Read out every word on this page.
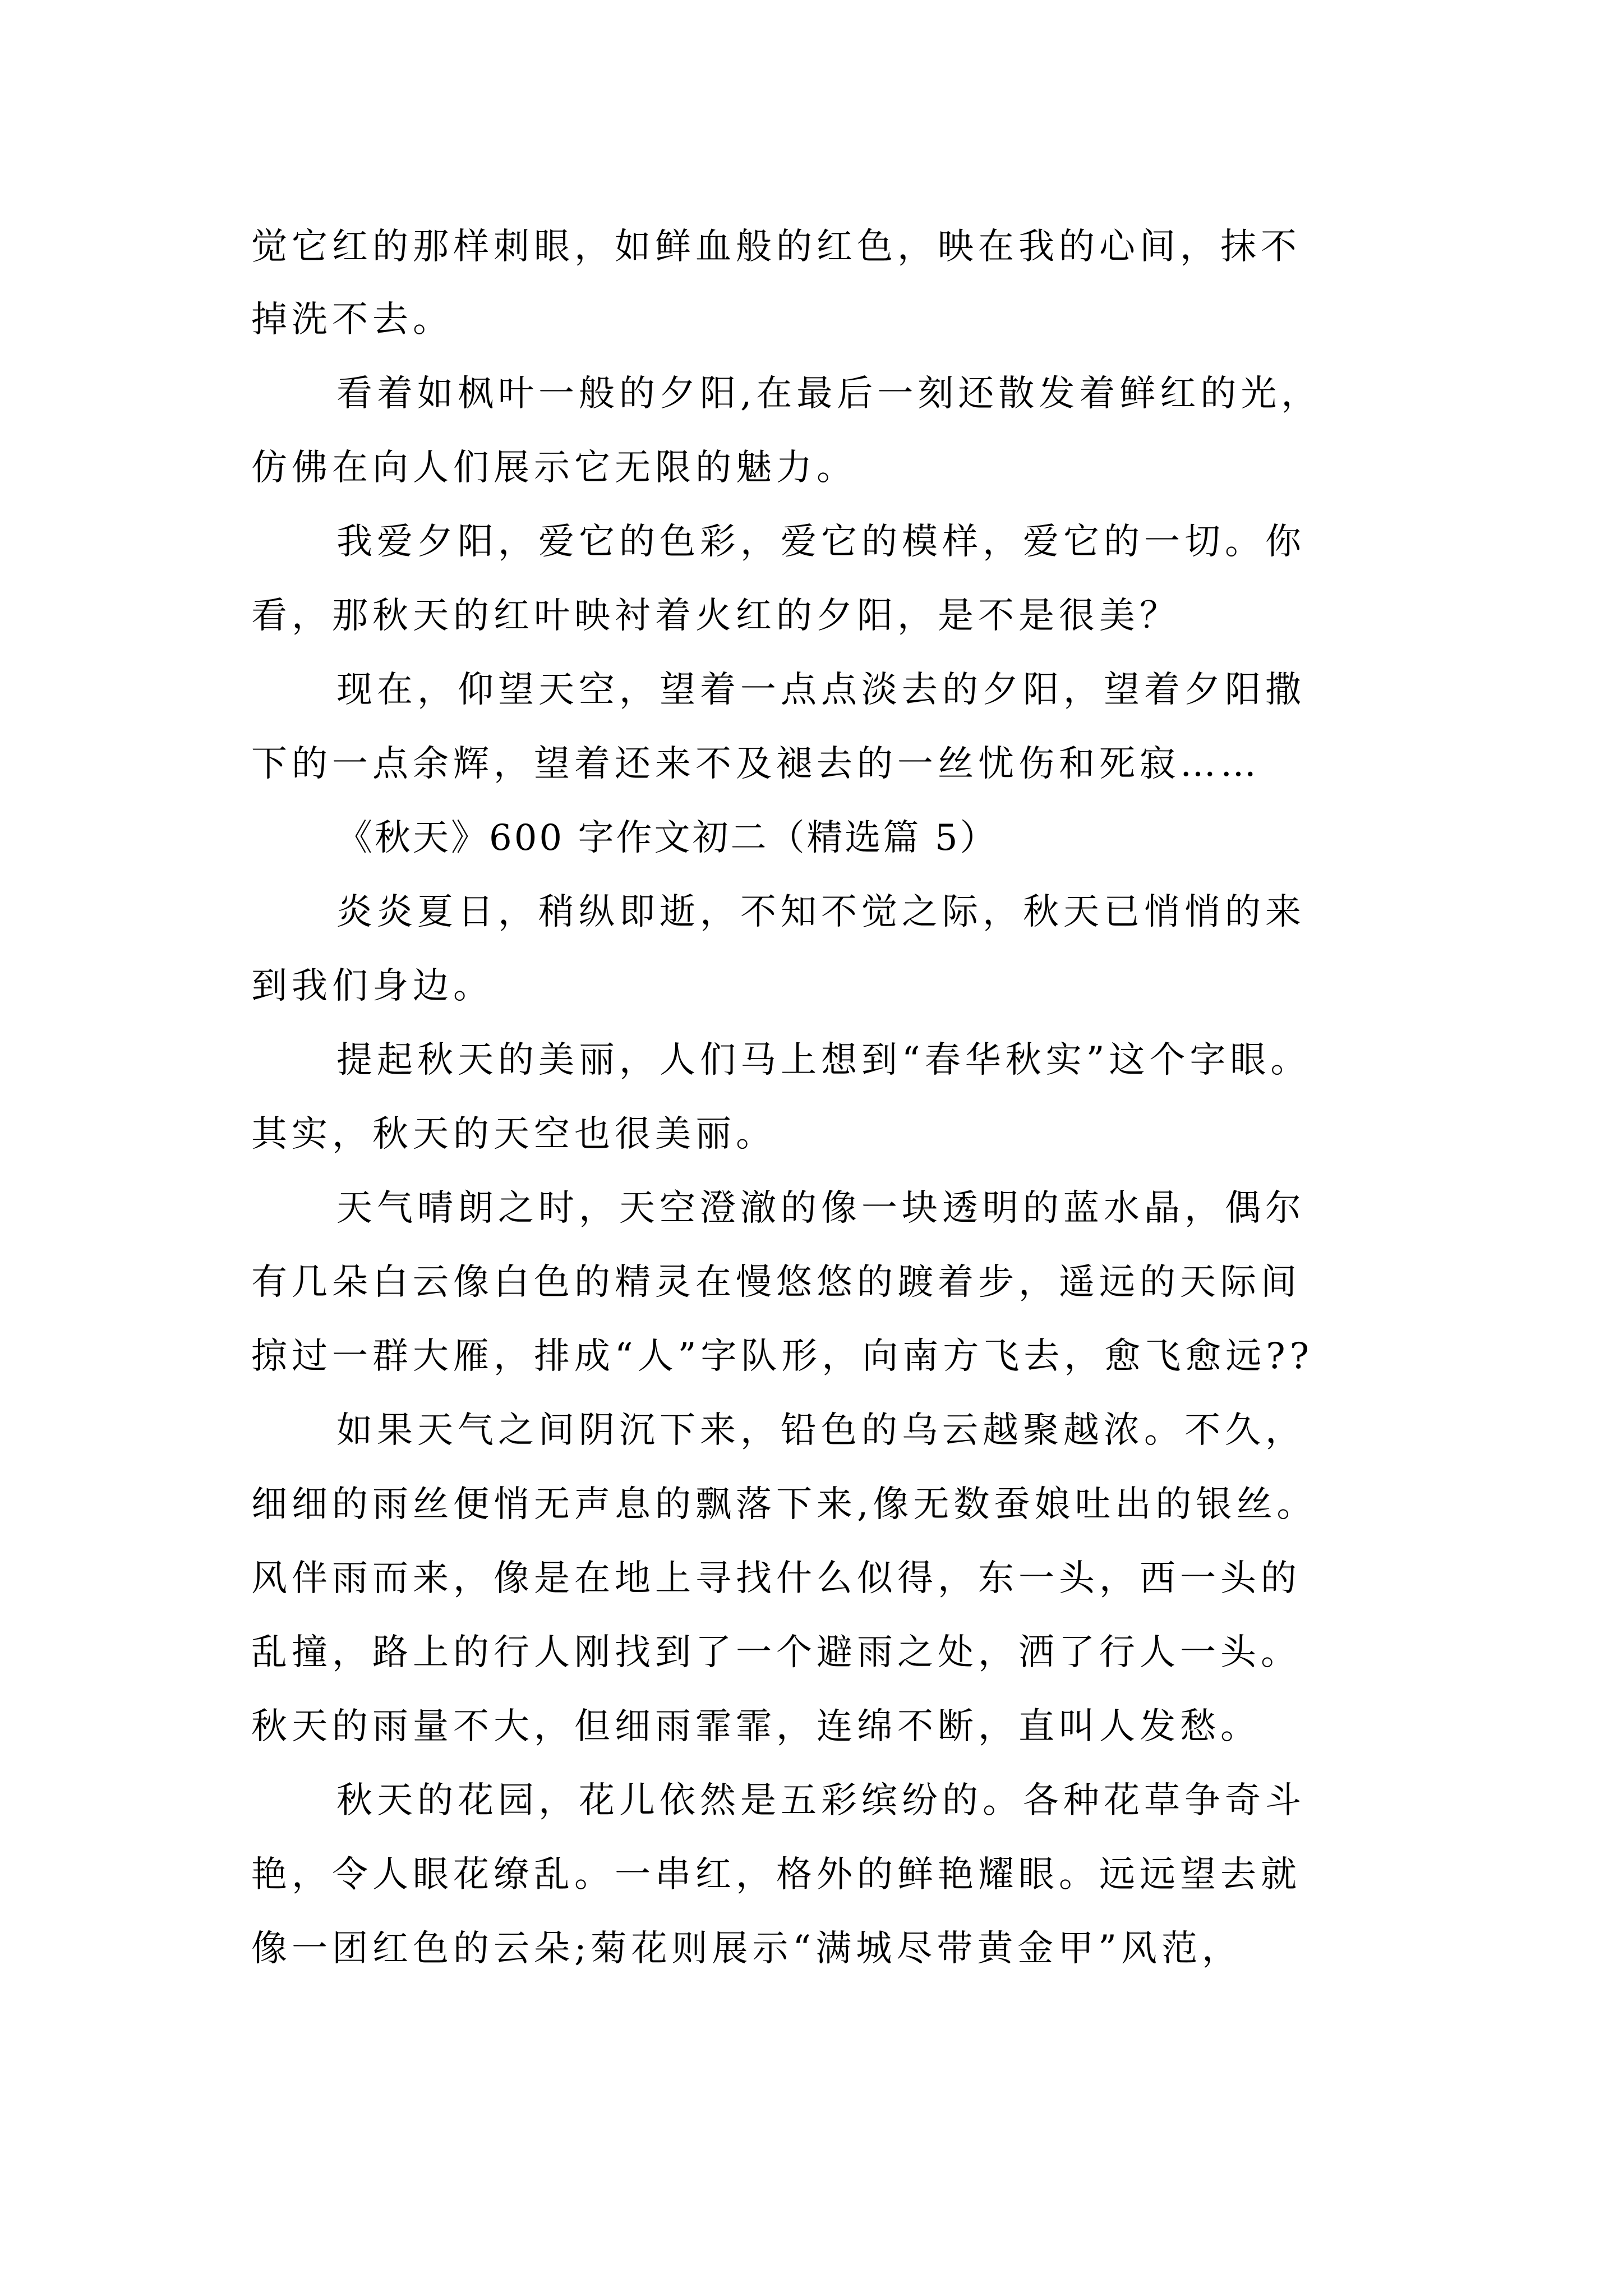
觉它红的那样刺眼，如鲜血般的红色，映在我的心间，抹不
掉洗不去。
看着如枫叶一般的夕阳,在最后一刻还散发着鲜红的光，
仿佛在向人们展示它无限的魅力。
我爱夕阳，爱它的色彩，爱它的模样，爱它的一切。你
看，那秋天的红叶映衬着火红的夕阳，是不是很美？
现在，仰望天空，望着一点点淡去的夕阳，望着夕阳撒
下的一点余辉，望着还来不及褪去的一丝忧伤和死寂……
《秋天》600 字作文初二（精选篇 5）
炎炎夏日，稍纵即逝，不知不觉之际，秋天已悄悄的来
到我们身边。
提起秋天的美丽，人们马上想到“春华秋实”这个字眼。
其实，秋天的天空也很美丽。
天气晴朗之时，天空澄澈的像一块透明的蓝水晶，偶尔
有几朵白云像白色的精灵在慢悠悠的踱着步，遥远的天际间
掠过一群大雁，排成“人”字队形，向南方飞去，愈飞愈远??
如果天气之间阴沉下来，铅色的乌云越聚越浓。不久，
细细的雨丝便悄无声息的飘落下来,像无数蚕娘吐出的银丝。
风伴雨而来，像是在地上寻找什么似得，东一头，西一头的
乱撞，路上的行人刚找到了一个避雨之处，洒了行人一头。
秋天的雨量不大，但细雨霏霏，连绵不断，直叫人发愁。
秋天的花园，花儿依然是五彩缤纷的。各种花草争奇斗
艳，令人眼花缭乱。一串红，格外的鲜艳耀眼。远远望去就
像一团红色的云朵;菊花则展示“满城尽带黄金甲”风范，
